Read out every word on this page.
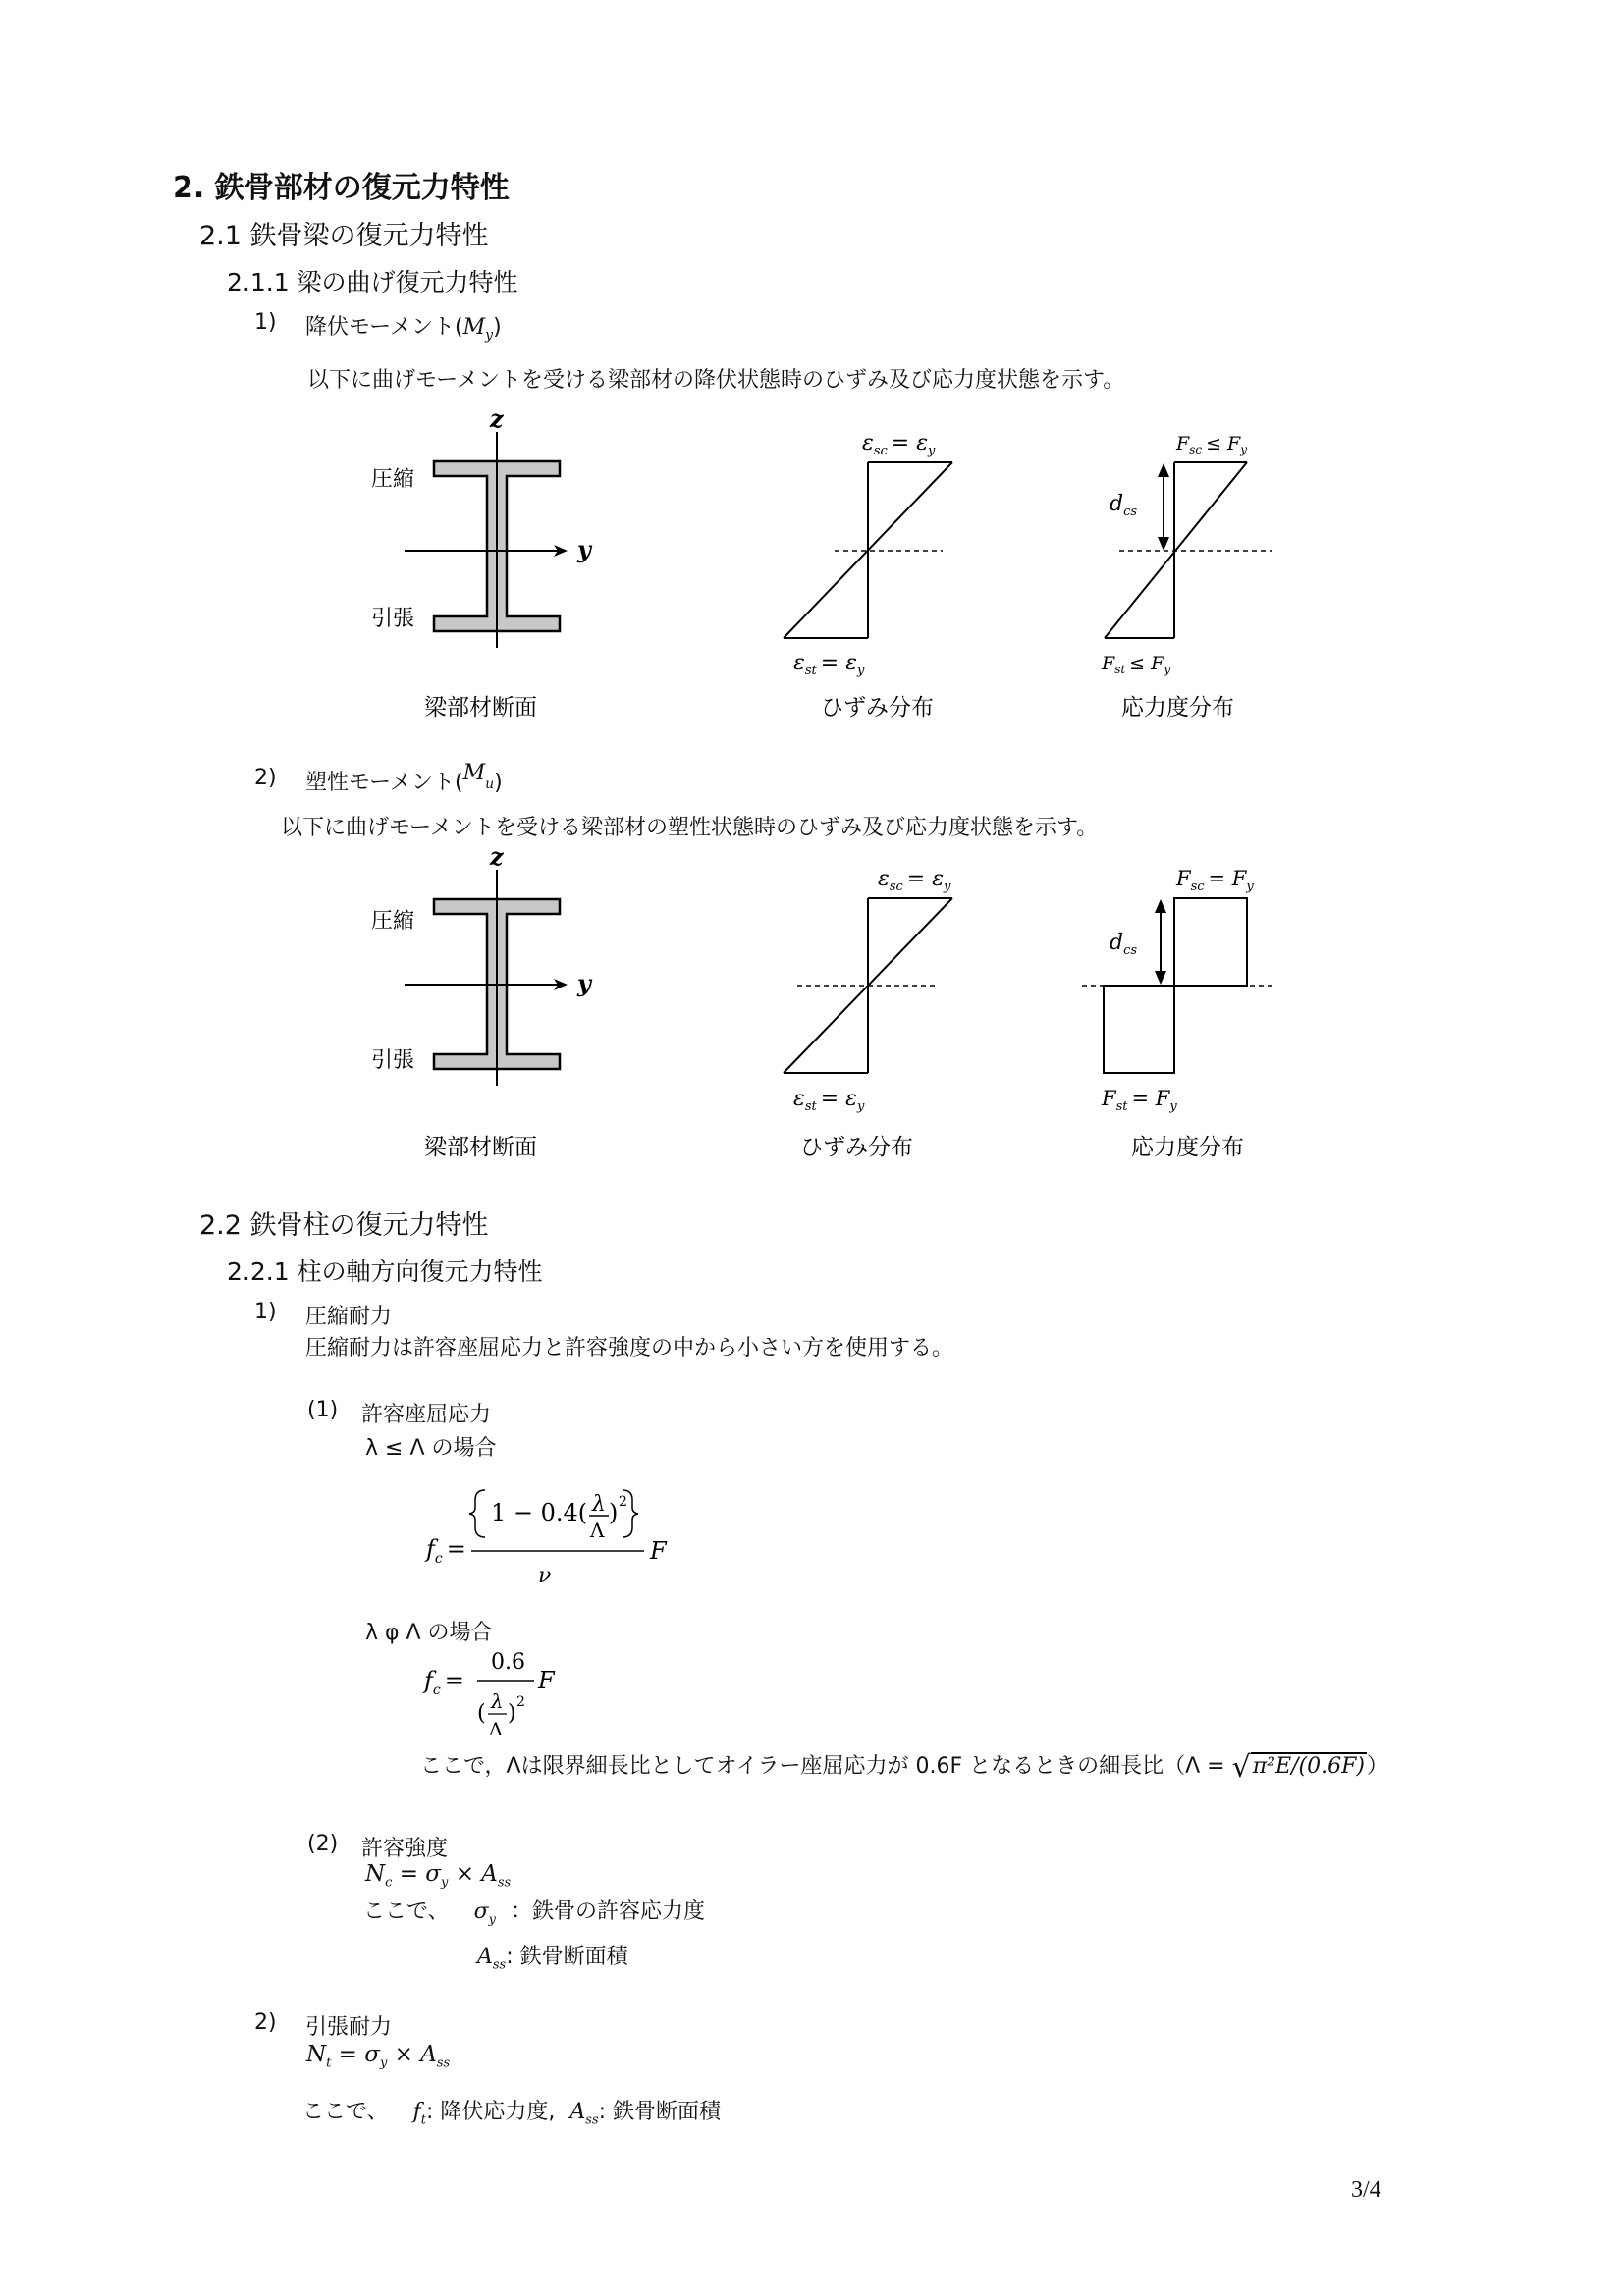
2. 鉄骨部材の復元力特性
2.1 鉄骨梁の復元力特性
2.1.1 梁の曲げ復元力特性
1) 降伏モーメント$(M_y)$
以下に曲げモーメントを受ける梁部材の降伏状態時のひずみ及び応力度状態を示す。
z
y
圧縮
引張
$\varepsilon_{sc} = \varepsilon_y$
$\varepsilon_{st} = \varepsilon_y$
$F_{sc} \le F_y$
$F_{st} \le F_y$
$d_{cs}$
梁部材断面	ひずみ分布	応力度分布
2) 塑性モーメント$(M_u)$
以下に曲げモーメントを受ける梁部材の塑性状態時のひずみ及び応力度状態を示す。
z
y
圧縮
引張
$\varepsilon_{sc} = \varepsilon_y$
$\varepsilon_{st} = \varepsilon_y$
$F_{sc} = F_y$
$F_{st} = F_y$
$d_{cs}$
梁部材断面	ひずみ分布	応力度分布
2.2 鉄骨柱の復元力特性
2.2.1 柱の軸方向復元力特性
1) 圧縮耐力
圧縮耐力は許容座屈応力と許容強度の中から小さい方を使用する。
(1) 許容座屈応力
λ ≤ Λ の場合
$f_c$ =
1 − 0.4( λ
Λ
) 2
F
ν
λ φ Λ の場合
$f_c$ =
0.6
F
( λ
Λ
) 2
ここで，Λは限界細長比としてオイラー座屈応力が 0.6F となるときの細長比（Λ = √π²E/(0.6F)）
(2) 許容強度
$N_c = \sigma_y \times A_{ss}$
ここで、 $\sigma_y$ ：鉄骨の許容応力度
$A_{ss}$: 鉄骨断面積
2) 引張耐力
$N_t = \sigma_y \times A_{ss}$
ここで、 $f_t$: 降伏応力度, $A_{ss}$: 鉄骨断面積
3/4
